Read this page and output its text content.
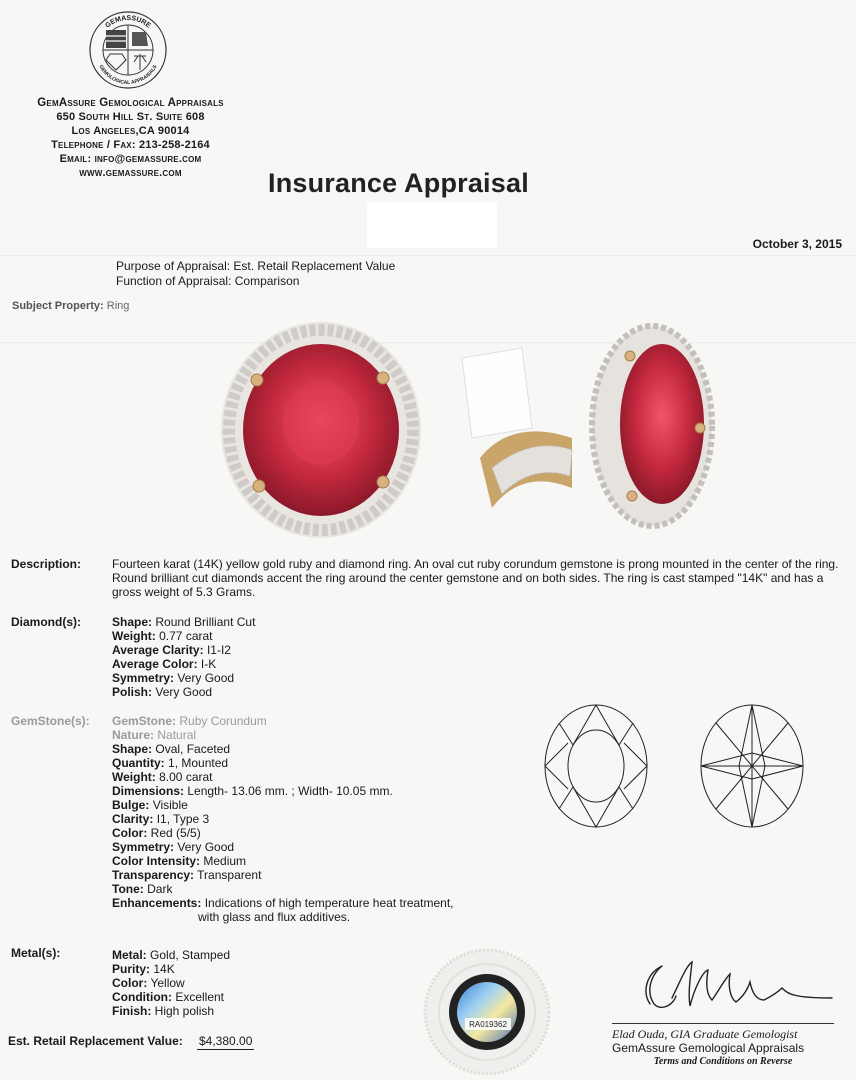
GEMASSURE
GEMOLOGICAL APPRAISALS
GemAssure Gemological Appraisals
650 South Hill St. Suite 608
Los Angeles,CA 90014
Telephone / Fax: 213-258-2164
Email: info@gemassure.com
www.gemassure.com	Insurance Appraisal
October 3, 2015
Purpose of Appraisal: Est. Retail Replacement Value
Function of Appraisal: Comparison
Subject Property: Ring
Description:	Fourteen karat (14K) yellow gold ruby and diamond ring. An oval cut ruby corundum gemstone is prong mounted in the center of the ring. Round brilliant cut diamonds accent the ring around the center gemstone and on both sides. The ring is cast stamped "14K" and has a gross weight of 5.3 Grams.
Diamond(s):	Shape: Round Brilliant Cut
Weight: 0.77 carat
Average Clarity: I1-I2
Average Color: I-K
Symmetry: Very Good
Polish: Very Good
GemStone(s): GemStone: Ruby Corundum
Nature: Natural
Shape: Oval, Faceted
Quantity: 1, Mounted
Weight: 8.00 carat
Dimensions: Length- 13.06 mm. ; Width- 10.05 mm.
Bulge: Visible
Clarity: I1, Type 3
Color: Red (5/5)
Symmetry: Very Good
Color Intensity: Medium
Transparency: Transparent
Tone: Dark
Enhancements: Indications of high temperature heat treatment,
with glass and flux additives.
Metal(s):	Metal: Gold, Stamped
Purity: 14K
Color: Yellow
Condition: Excellent
Finish: High polish
Est. Retail Replacement Value: $4,380.00
RA019362
Elad Ouda, GIA Graduate Gemologist
GemAssure Gemological Appraisals
Terms and Conditions on Reverse
